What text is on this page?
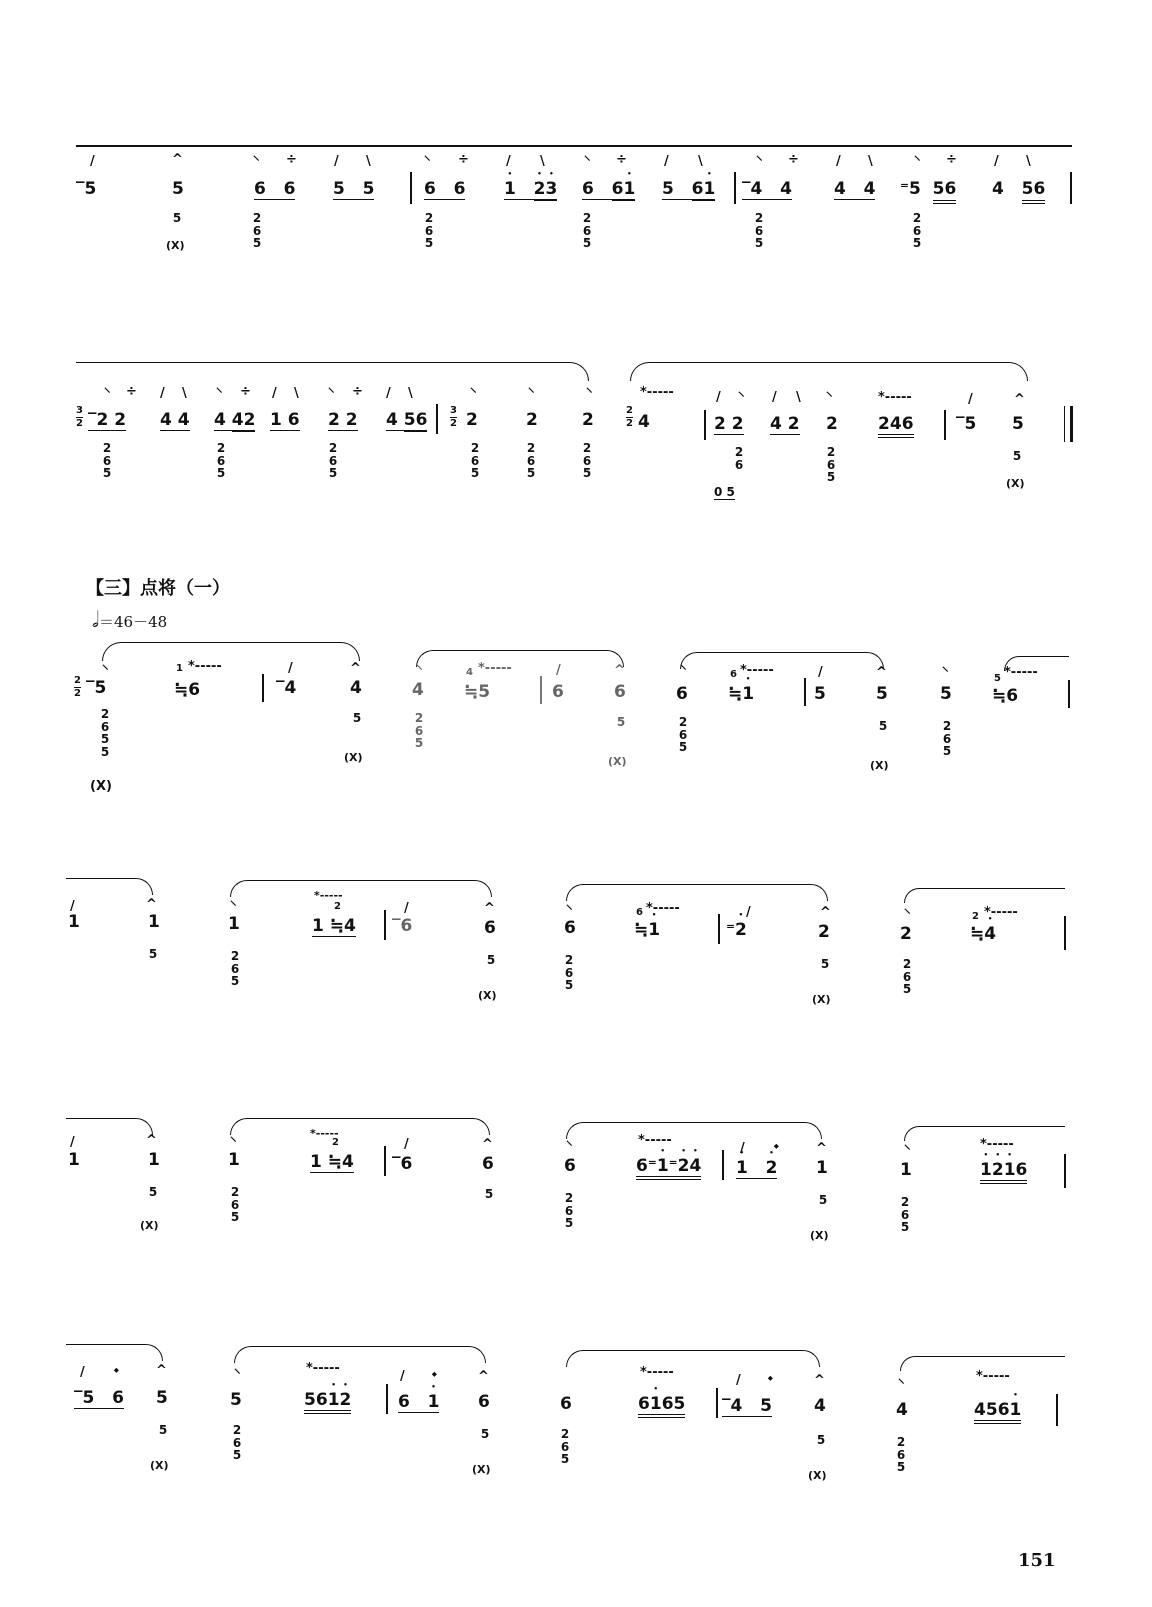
/	^	⸌ ÷	/ \	⸌ ÷	/ \	⸌ ÷	/ \	⸌ ÷	/ \	⸌ ÷	/ \
‾5	5	6 6 5 5	6 6 • 1 • 2• 3 6 6• 1 5 6• 1 ‾4 4 4 4 ⁼5 56 4 56
5
(X)
2
6
5
2
6
5
2
6
5
2
6
5
2
6
5
⸌ ÷ / \ ⸌ ÷ / \ ⸌ ÷ / \	⸌	⸌	⸌	*-----	/ ⸌ / \ ⸌	*-----	/	^
3
2 ‾2 2 4 4 4 42 1 6 2 2 4 56 3
2 2	2	2	2
2 4	2 2 4 2 2 246 ‾5 5
2
6
5
2
6
5
2
6
5
2
6
5
2
6
5
2
6
5
2
6
0 5
2
6
5
5
(X)
【三】点将（一）
𝅗𝅥＝46－48
⸌	*-----	/	^	⸌	*-----	/	^	⸌	*-----	/	^	⸌	*-----
2
2 ‾5
1
≒6	‾4	4	4
4
≒5	6	6	6
6
≒• 1	5	5	5
5
≒6
2
6
5
5
(X)
5
(X)
2
6
5
5
(X)
2
6
5
5
(X)
2
6
5
/	^	⸌
*-----
/	^	⸌	*-----	/	^	⸌	*-----
1	1	1
2
1 ≒4 ‾6	6	6
6
≒• 1	⁼• 2	2	2
2
≒• 4
5	2
6
5
5
(X)
2
6
5
5
(X)
2
6
5
/	^	⸌
*-----
/	^	⸌	*-----
/ ⬩	^	⸌	*-----
1	1	1
2
1 ≒4 ‾6	6	6	6⁼• 1⁼• 2• 4 • 1 • 2 1	1	• 1• 2• 16
5
(X)
2
6
5
5	2
6
5
5
(X)
2
6
5
/ ⬩	^	⸌	*-----
/ ⬩	^	*-----
/ ⬩	^	⸌
*-----
‾5 6 5	5	56• 1• 2	6 • 1 6	6	6• 165 ‾4 5 4	4	456• 1
5
(X)
2
6
5
5
(X)
2
6
5
5
(X)
2
6
5
151
